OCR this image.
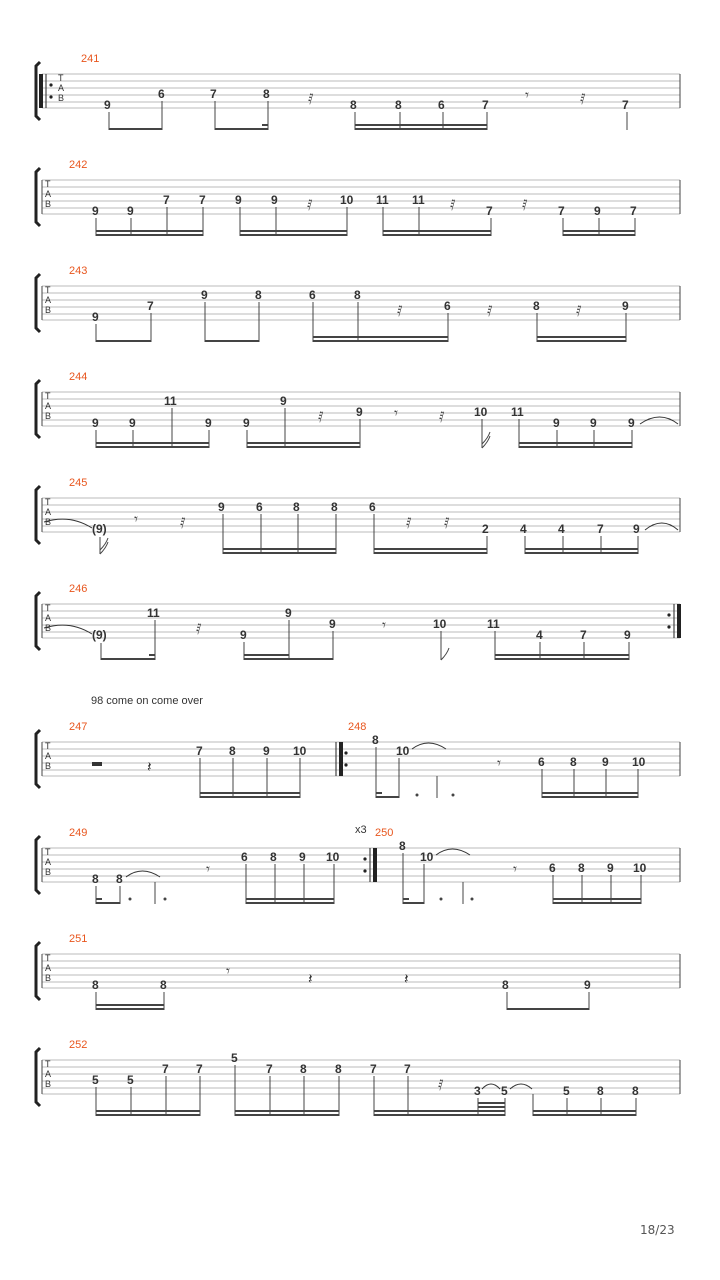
T
A
B
241
9
6	7	8
8	8	6	7	7
𝅀	𝄾	𝅀
T
A
B
242
9 9
7 7 9 9	10 11 11
7	7 9 7
𝅀	𝅀	𝅀
T
A
B
243
9
7
9	8	6	8
6	8	9
𝅀	𝅀	𝅀
T
A
B
244
9	9
11
9	9
9
9	10 11
9	9	9
𝅀	𝄾	𝅀
T
A
B
245
(9)
9	6	8	8	6
2	4	4	7 9
𝄾	𝅀	𝅀 𝅀
T
A
B
246
(9)
11
9
9
9	10	11
4	7	9
𝅀	𝄾
98 come on come over
T
A
B
247	248
𝄽
7 8 9 10
8
10
6 8 9 10
𝄾
T
A
B
249	x3 250
8 8
6 8 9 10
8
10
6 8 9 10
𝄾	𝄾
T
A
B
251
8	8	8	9
𝄾	𝄽	𝄽
T
A
B
252
5 5
7 7
5
7 8 8 7 7
3 5	5 8 8
𝅀
18/23
